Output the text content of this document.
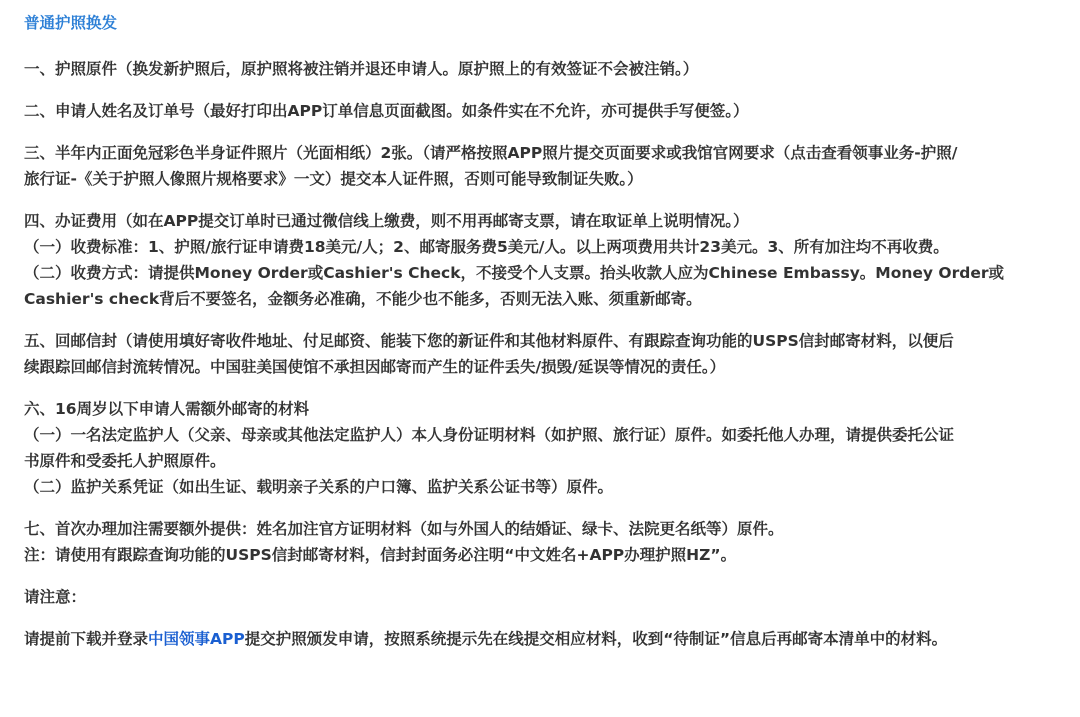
普通护照换发
一、护照原件（换发新护照后，原护照将被注销并退还申请人。原护照上的有效签证不会被注销。）
二、申请人姓名及订单号（最好打印出APP订单信息页面截图。如条件实在不允许，亦可提供手写便签。）
三、半年内正面免冠彩色半身证件照片（光面相纸）2张。（请严格按照APP照片提交页面要求或我馆官网要求（点击查看领事业务-护照/
旅行证-《关于护照人像照片规格要求》一文）提交本人证件照，否则可能导致制证失败。）
四、办证费用（如在APP提交订单时已通过微信线上缴费，则不用再邮寄支票，请在取证单上说明情况。）
（一）收费标准：1、护照/旅行证申请费18美元/人；2、邮寄服务费5美元/人。以上两项费用共计23美元。3、所有加注均不再收费。
（二）收费方式：请提供Money Order或Cashier's Check，不接受个人支票。抬头收款人应为Chinese Embassy。Money Order或
Cashier's check背后不要签名，金额务必准确，不能少也不能多，否则无法入账、须重新邮寄。
五、回邮信封（请使用填好寄收件地址、付足邮资、能装下您的新证件和其他材料原件、有跟踪查询功能的USPS信封邮寄材料，以便后
续跟踪回邮信封流转情况。中国驻美国使馆不承担因邮寄而产生的证件丢失/损毁/延误等情况的责任。）
六、16周岁以下申请人需额外邮寄的材料
（一）一名法定监护人（父亲、母亲或其他法定监护人）本人身份证明材料（如护照、旅行证）原件。如委托他人办理，请提供委托公证
书原件和受委托人护照原件。
（二）监护关系凭证（如出生证、载明亲子关系的户口簿、监护关系公证书等）原件。
七、首次办理加注需要额外提供：姓名加注官方证明材料（如与外国人的结婚证、绿卡、法院更名纸等）原件。
注：请使用有跟踪查询功能的USPS信封邮寄材料，信封封面务必注明“中文姓名+APP办理护照HZ”。
请注意：
请提前下载并登录中国领事APP提交护照颁发申请，按照系统提示先在线提交相应材料，收到“待制证”信息后再邮寄本清单中的材料。
